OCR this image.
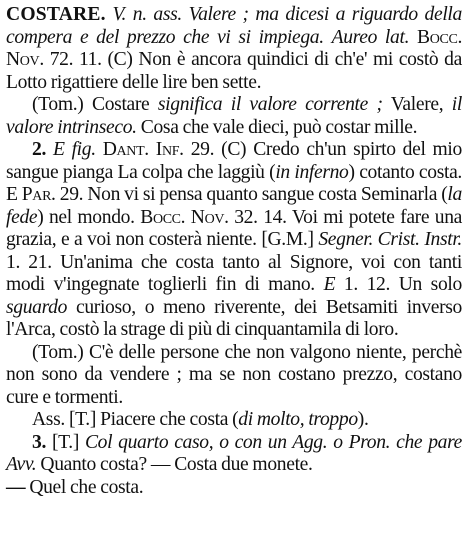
COSTARE. V. n. ass. Valere ; ma dicesi a riguardo della compera e del prezzo che vi si impiega. Aureo lat. Bocc. Nov. 72. 11. (C) Non è ancora quindici di ch'e' mi costò da Lotto rigattiere delle lire ben sette.

(Tom.) Costare significa il valore corrente ; Valere, il valore intrinseco. Cosa che vale dieci, può costar mille.

2. E fig. Dant. Inf. 29. (C) Credo ch'un spirto del mio sangue pianga La colpa che laggiù (in inferno) cotanto costa. E Par. 29. Non vi si pensa quanto sangue costa Seminarla (la fede) nel mondo. Bocc. Nov. 32. 14. Voi mi potete fare una grazia, e a voi non costerà niente. [G.M.] Segner. Crist. Instr. 1. 21. Un'anima che costa tanto al Signore, voi con tanti modi v'ingegnate toglierli fin di mano. E 1. 12. Un solo sguardo curioso, o meno riverente, dei Betsamiti inverso l'Arca, costò la strage di più di cinquantamila di loro.

(Tom.) C'è delle persone che non valgono niente, perchè non sono da vendere ; ma se non costano prezzo, costano cure e tormenti.

Ass. [T.] Piacere che costa (di molto, troppo).

3. [T.] Col quarto caso, o con un Agg. o Pron. che pare Avv. Quanto costa? — Costa due monete.
— Quel che costa.
